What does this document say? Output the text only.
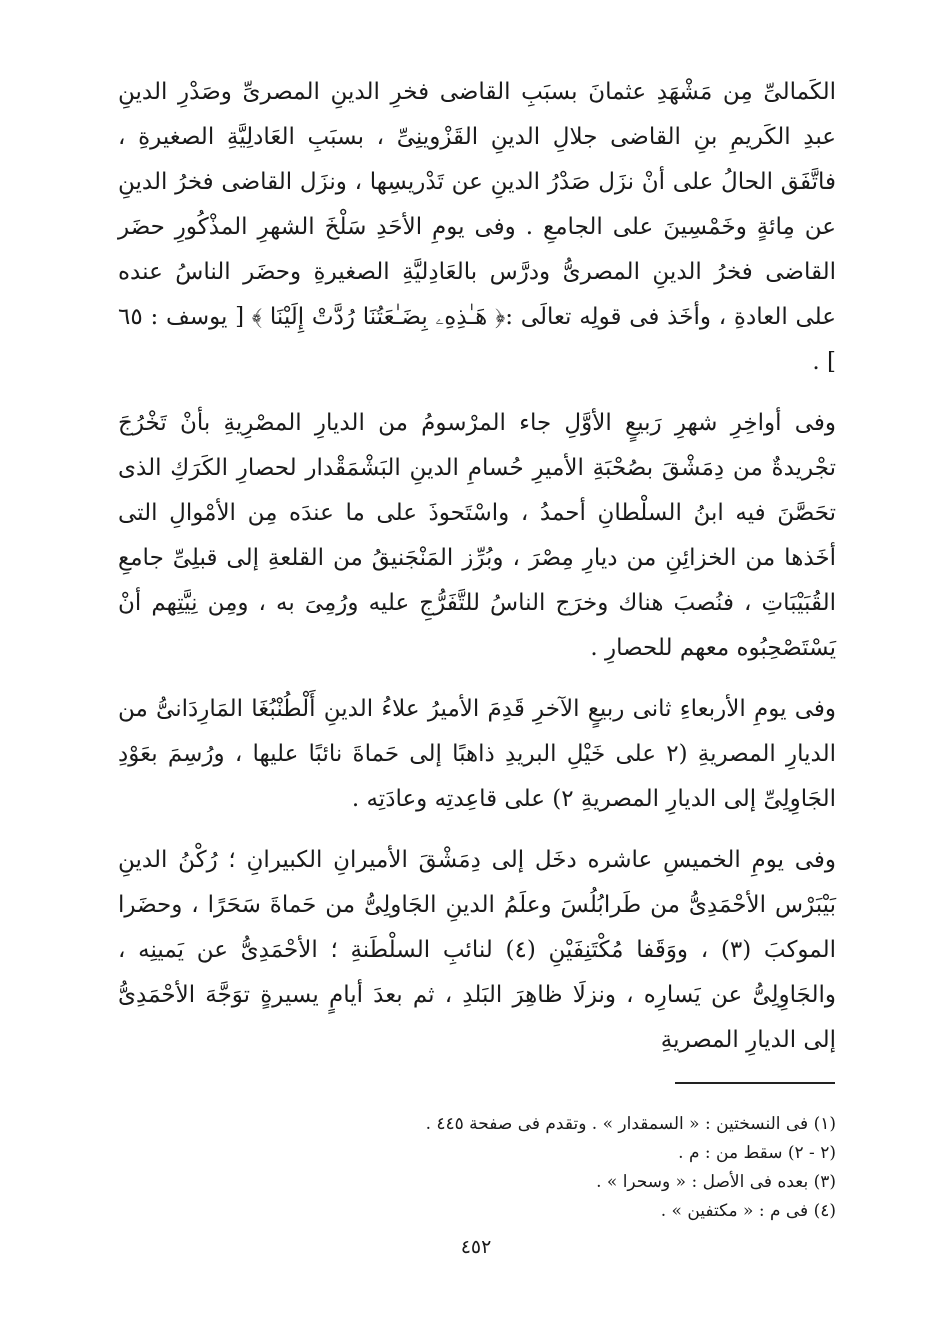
الكَمالىِّ مِن مَشْهَدِ عثمانَ بسبَبِ القاضى فخرِ الدينِ المصرىِّ وصَدْرِ الدينِ عبدِ الكَريمِ بنِ القاضى جلالِ الدينِ القَزْوينِىِّ ، بسبَبِ العَادلِيَّةِ الصغيرةِ ، فاتَّفَق الحالُ على أنْ نزَل صَدْرُ الدينِ عن تَدْريسِها ، ونزَل القاضى فخرُ الدينِ عن مِائةٍ وخَمْسِينَ على الجامعِ . وفى يومِ الأحَدِ سَلْخَ الشهرِ المذْكُورِ حضَر القاضى فخرُ الدينِ المصرىُّ ودرَّس بالعَادِليَّةِ الصغيرةِ وحضَر الناسُ عنده على العادةِ ، وأخَذ فى قولِه تعالَى :﴿ هَـٰذِهِۦ بِضَـٰعَتُنَا رُدَّتْ إِلَيْنَا ﴾ [ يوسف : ٦٥ ] .

وفى أواخِرِ شهرِ رَبيعٍ الأوَّلِ جاء المرْسومُ من الديارِ المصْرِيةِ بأنْ تَخْرُجَ تجْريدةٌ من دِمَشْقَ بصُحْبَةِ الأميرِ حُسامِ الدينِ البَشْمَقْدار لحصارِ الكَرَكِ الذى تحَصَّنَ فيه ابنُ السلْطانِ أحمدُ ، واسْتَحوذَ على ما عندَه مِن الأمْوالِ التى أخَذها من الخزائِنِ من ديارِ مِصْرَ ، وبُرِّز المَنْجَنيقُ من القلعةِ إلى قبلِىِّ جامعِ القُبَيْبَاتِ ، فنُصبَ هناك وخرَج الناسُ للتَّفَرُّجِ عليه ورُمِىَ به ، ومِن نِيَّتِهم أنْ يَسْتَصْحِبُوه معهم للحصارِ .

وفى يومِ الأربعاءِ ثانى ربيعٍ الآخرِ قَدِمَ الأميرُ علاءُ الدينِ أَلْطُنْبُغَا المَارِدَانىُّ من الديارِ المصريةِ (٢ على خَيْلِ البريدِ ذاهبًا إلى حَماةَ نائبًا عليها ، ورُسِمَ بعَوْدِ الجَاوِلِىِّ إلى الديارِ المصريةِ ٢) على قاعِدتِه وعادَتِه .

وفى يومِ الخميسِ عاشره دخَل إلى دِمَشْقَ الأميرانِ الكبيرانِ ؛ رُكْنُ الدينِ بَيْبَرْس الأحْمَدِىُّ من طَرابُلُسَ وعلَمُ الدينِ الجَاولِىُّ من حَماةَ سَحَرًا ، وحضَرا الموكبَ (٣) ، ووَقَفا مُكْتَنِفَيْنِ (٤) لنائبِ السلْطَنةِ ؛ الأحْمَدِىُّ عن يَمينِه ، والجَاوِلِىُّ عن يَسارِه ، ونزلَا ظاهِرَ البَلدِ ، ثم بعدَ أيامٍ يسيرةٍ توَجَّهَ الأحْمَدِىُّ إلى الديارِ المصريةِ

(١) فى النسختين : « السمقدار » . وتقدم فى صفحة ٤٤٥ .

(٢ - ٢) سقط من : م .

(٣) بعده فى الأصل : « وسحرا » .

(٤) فى م : « مكتفين » .

٤٥٢
